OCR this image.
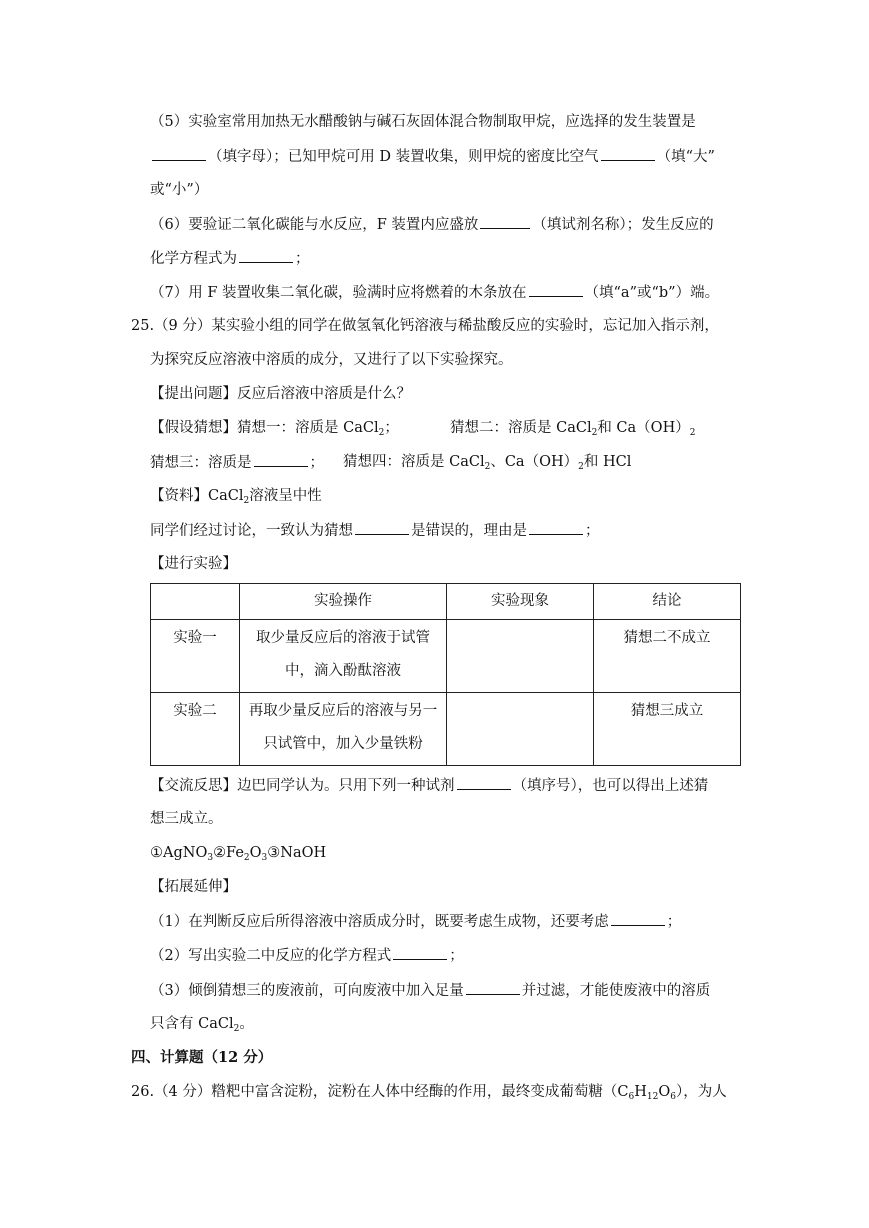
（5）实验室常用加热无水醋酸钠与碱石灰固体混合物制取甲烷，应选择的发生装置是
（填字母）；已知甲烷可用 D 装置收集，则甲烷的密度比空气	（填“大”
或“小”）
（6）要验证二氧化碳能与水反应，F 装置内应盛放	（填试剂名称）；发生反应的
化学方程式为	；
（7）用 F 装置收集二氧化碳，验满时应将燃着的木条放在	（填“a”或“b”）端。
25.（9 分）某实验小组的同学在做氢氧化钙溶液与稀盐酸反应的实验时，忘记加入指示剂，
为探究反应溶液中溶质的成分，又进行了以下实验探究。
【提出问题】反应后溶液中溶质是什么？
【假设猜想】猜想一：溶质是 CaCl$_2$；	猜想二：溶质是 CaCl$_2$和 $Ca(OH)_2$
猜想三：溶质是	； 猜想四：溶质是 CaCl$_2$、$Ca(OH)_2$和 HCl
【资料】CaCl$_2$溶液呈中性
同学们经过讨论，一致认为猜想	是错误的，理由是	；
【进行实验】
	实验操作	实验现象	结论
实验一	取少量反应后的溶液于试管
中，滴入酚酞溶液		猜想二不成立
实验二	再取少量反应后的溶液与另一
只试管中，加入少量铁粉		猜想三成立
【交流反思】边巴同学认为。只用下列一种试剂	（填序号），也可以得出上述猜
想三成立。
$①AgNO_3②Fe_2O_3③NaOH$
【拓展延伸】
（1）在判断反应后所得溶液中溶质成分时，既要考虑生成物，还要考虑	；
（2）写出实验二中反应的化学方程式	；
（3）倾倒猜想三的废液前，可向废液中加入足量	并过滤，才能使废液中的溶质
只含有 CaCl$_2$。
四、计算题（12 分）
26.（4 分）糌粑中富含淀粉，淀粉在人体中经酶的作用，最终变成葡萄糖$(C_6H_{12}O_6)$，为人
